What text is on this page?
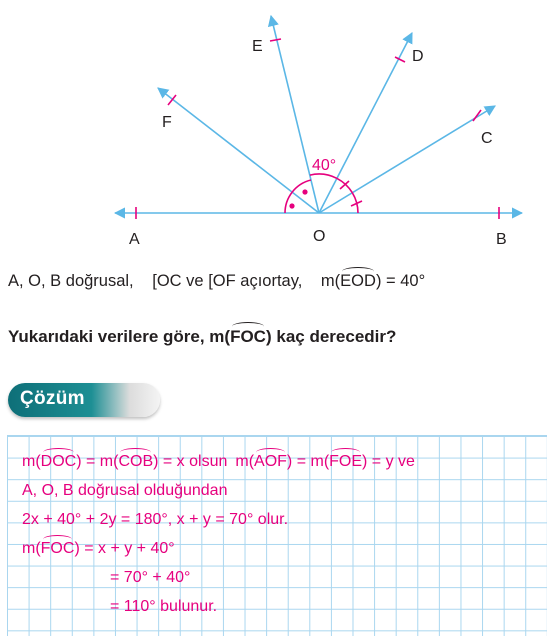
A	O	B
C
D
E
F
40°
A, O, B doğrusal, [OC ve [OF açıortay, m(EOD) = 40°
Yukarıdaki verilere göre, m(FOC) kaç derecedir?
Çözüm
m(DOC) = m(COB) = x olsun m(AOF) = m(FOE) = y ve
A, O, B doğrusal olduğundan
2x + 40° + 2y = 180°, x + y = 70° olur.
m(FOC) = x + y + 40°
= 70° + 40°
= 110° bulunur.
